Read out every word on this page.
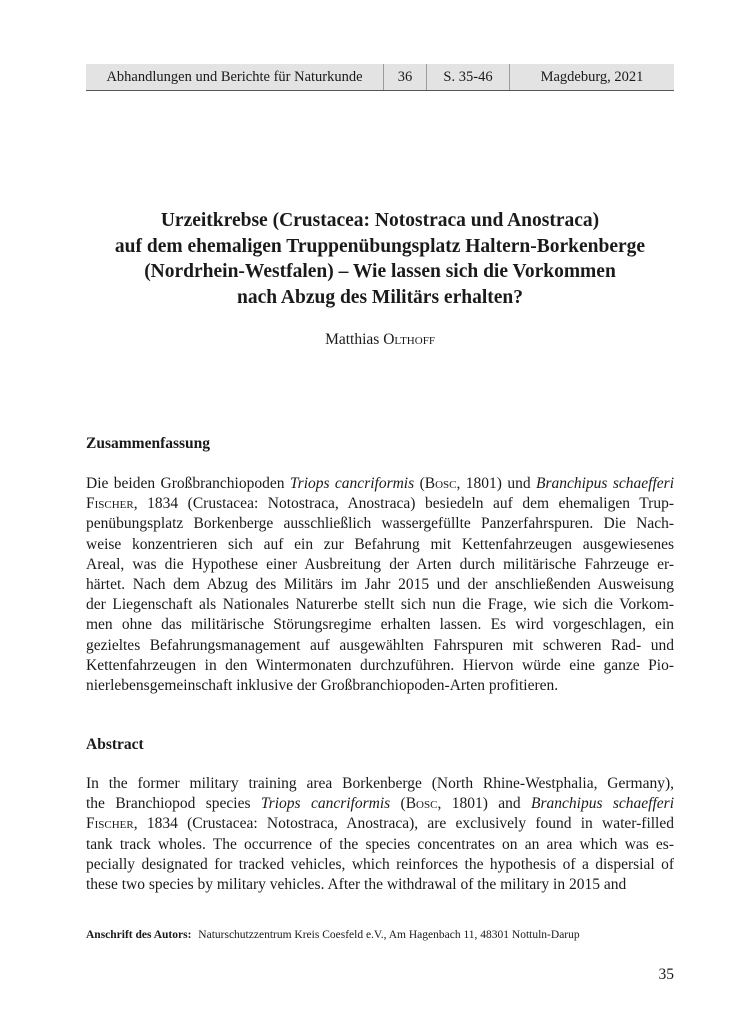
Abhandlungen und Berichte für Naturkunde	36	S. 35-46	Magdeburg, 2021
Urzeitkrebse (Crustacea: Notostraca und Anostraca)
auf dem ehemaligen Truppenübungsplatz Haltern-Borkenberge
(Nordrhein-Westfalen) – Wie lassen sich die Vorkommen
nach Abzug des Militärs erhalten?
Matthias Olthoff
Zusammenfassung
Die beiden Großbranchiopoden Triops cancriformis (Bosc, 1801) und Branchipus schaefferi
Fischer, 1834 (Crustacea: Notostraca, Anostraca) besiedeln auf dem ehemaligen Trup-
penübungsplatz Borkenberge ausschließlich wassergefüllte Panzerfahrspuren. Die Nach-
weise konzentrieren sich auf ein zur Befahrung mit Kettenfahrzeugen ausgewiesenes
Areal, was die Hypothese einer Ausbreitung der Arten durch militärische Fahrzeuge er-
härtet. Nach dem Abzug des Militärs im Jahr 2015 und der anschließenden Ausweisung
der Liegenschaft als Nationales Naturerbe stellt sich nun die Frage, wie sich die Vorkom-
men ohne das militärische Störungsregime erhalten lassen. Es wird vorgeschlagen, ein
gezieltes Befahrungsmanagement auf ausgewählten Fahrspuren mit schweren Rad- und
Kettenfahrzeugen in den Wintermonaten durchzuführen. Hiervon würde eine ganze Pio-
nierlebensgemeinschaft inklusive der Großbranchiopoden-Arten profitieren.
Abstract
In the former military training area Borkenberge (North Rhine-Westphalia, Germany),
the Branchiopod species Triops cancriformis (Bosc, 1801) and Branchipus schaefferi
Fischer, 1834 (Crustacea: Notostraca, Anostraca), are exclusively found in water-filled
tank track wholes. The occurrence of the species concentrates on an area which was es-
pecially designated for tracked vehicles, which reinforces the hypothesis of a dispersial of
these two species by military vehicles. After the withdrawal of the military in 2015 and
Anschrift des Autors: Naturschutzzentrum Kreis Coesfeld e.V., Am Hagenbach 11, 48301 Nottuln-Darup
35
